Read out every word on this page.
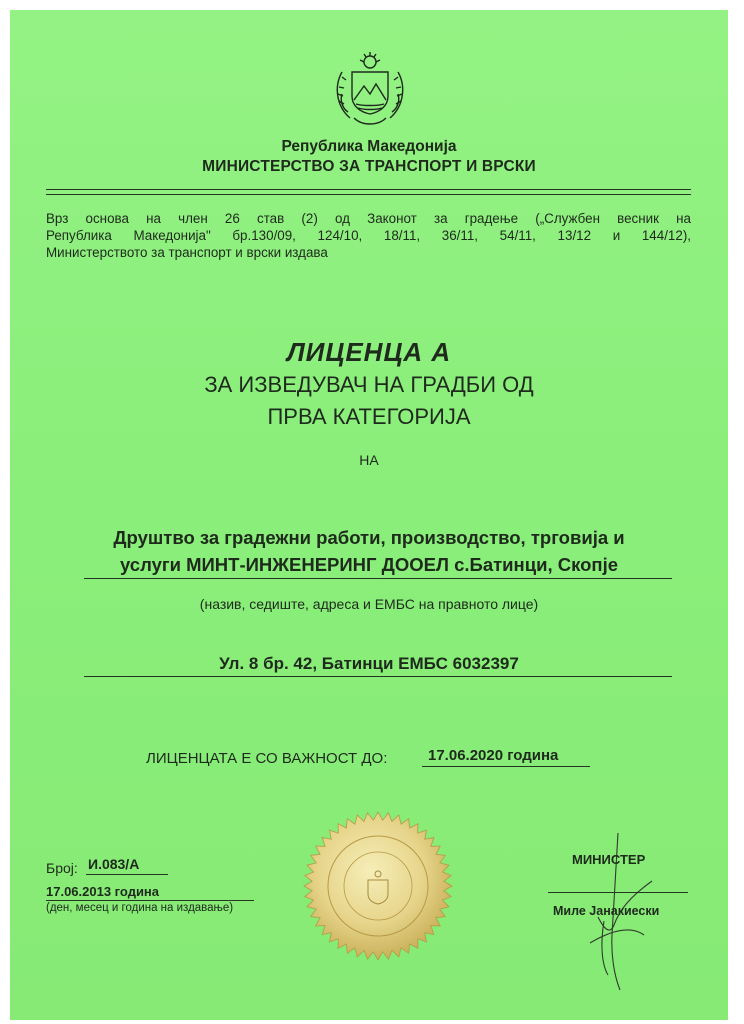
Република Македонија
МИНИСТЕРСТВО ЗА ТРАНСПОРТ И ВРСКИ
Врз основа на член 26 став (2) од Законот за градење („Службен весник на
Република Македонија" бр.130/09, 124/10, 18/11, 36/11, 54/11, 13/12 и 144/12),
Министерството за транспорт и врски издава
ЛИЦЕНЦА А
ЗА ИЗВЕДУВАЧ НА ГРАДБИ ОД
ПРВА КАТЕГОРИЈА
НА
Друштво за градежни работи, производство, трговија и
услуги МИНТ-ИНЖЕНЕРИНГ ДООЕЛ с.Батинци, Скопје
(назив, седиште, адреса и ЕМБС на правното лице)
Ул. 8 бр. 42, Батинци ЕМБС 6032397
ЛИЦЕНЦАТА Е СО ВАЖНОСТ ДО:	17.06.2020 година
Број: И.083/А
17.06.2013 година
(ден, месец и година на издавање)
МИНИСТЕР
Миле Јанакиески
